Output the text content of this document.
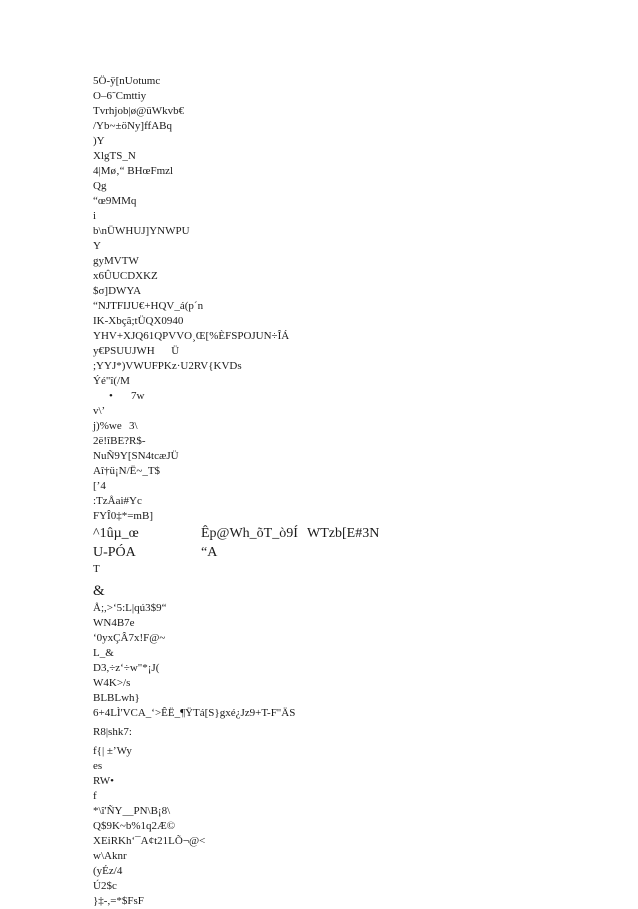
5Ö-ÿ[nUotumc
O–6˜Cmttiy
Tvrhjob|ø@üWkvb€
/Yb~±öNy]ffABq
)Y
XlgTS_N
4|Mø‚“ BHœFmzl
Qg
“œ9MMq
i
b\nÜWHUJ]YNWPU
Y
gyMVTW
x6ÛUCDXKZ
$σ]DWYA
“NJTFIJU€+HQV_á(p´n
IK-Xbçã;tÜQX0940
YHV+XJQ61QPVVO¸Œ[%ÈFSPOJUN÷ÎÁ
y€PSUUJWH      Ü
;YYJ*)VWUFPKz·U2RV{KVDs
Ýé"î(/M

•

7w

v\’

j)%we

3\

2ë!îBE?R$-
NuÑ9Y[SN4tcæJÜ
Aî†ü¡N/Ë~_T$
[’4
:TzÅai#Yc
FYÎ0‡*=mB]

^1ûµ_œ

	Êp@Wh_õT_ò9Í

WTzb[E#3N

U-PÓA

	“A

T
&
Å;,>‘5:L|qú3$9“
WN4B7e
‘0yxÇÂ7x!F@~
L_&
D3,÷z‘÷w"*¡J(
W4K>/s
BLBLwh}
6+4LÌ'VCA_‘>ÊË_¶ŸTá[S}gxé¿Jz9+T-F"ÄS
R8|shk7:
f{| ±’Wy
es
RW•
f
*\î'ÑY__PN\B¡8\
Q$9K~b%1q2Æ©
XEiRKh‘¯A¢t21LÕ¬@<
w\Aknr
(yÉz/4
Ú2$c
}‡-,=*$FsF
